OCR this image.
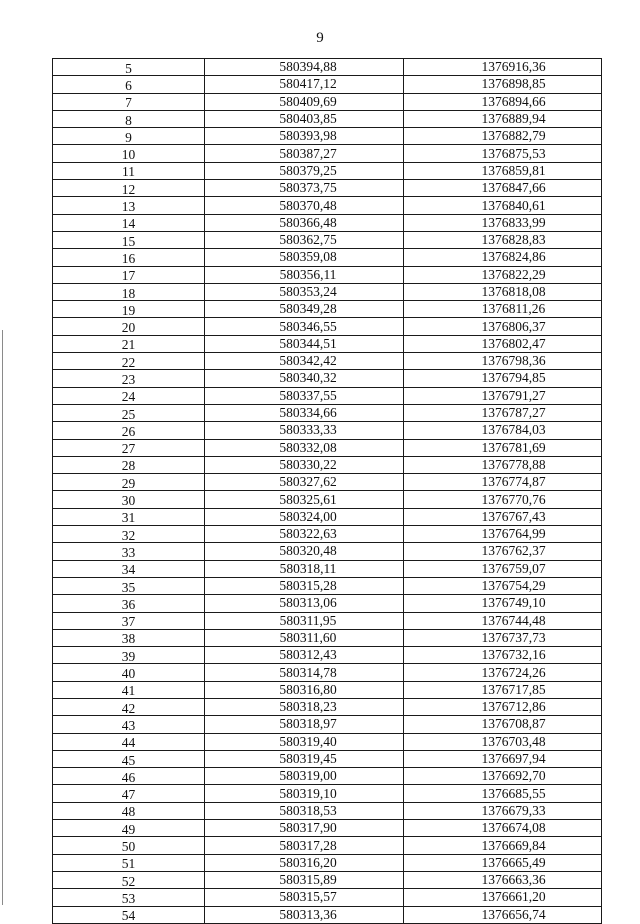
9
5	580394,88	1376916,36
6	580417,12	1376898,85
7	580409,69	1376894,66
8	580403,85	1376889,94
9	580393,98	1376882,79
10	580387,27	1376875,53
11	580379,25	1376859,81
12	580373,75	1376847,66
13	580370,48	1376840,61
14	580366,48	1376833,99
15	580362,75	1376828,83
16	580359,08	1376824,86
17	580356,11	1376822,29
18	580353,24	1376818,08
19	580349,28	1376811,26
20	580346,55	1376806,37
21	580344,51	1376802,47
22	580342,42	1376798,36
23	580340,32	1376794,85
24	580337,55	1376791,27
25	580334,66	1376787,27
26	580333,33	1376784,03
27	580332,08	1376781,69
28	580330,22	1376778,88
29	580327,62	1376774,87
30	580325,61	1376770,76
31	580324,00	1376767,43
32	580322,63	1376764,99
33	580320,48	1376762,37
34	580318,11	1376759,07
35	580315,28	1376754,29
36	580313,06	1376749,10
37	580311,95	1376744,48
38	580311,60	1376737,73
39	580312,43	1376732,16
40	580314,78	1376724,26
41	580316,80	1376717,85
42	580318,23	1376712,86
43	580318,97	1376708,87
44	580319,40	1376703,48
45	580319,45	1376697,94
46	580319,00	1376692,70
47	580319,10	1376685,55
48	580318,53	1376679,33
49	580317,90	1376674,08
50	580317,28	1376669,84
51	580316,20	1376665,49
52	580315,89	1376663,36
53	580315,57	1376661,20
54	580313,36	1376656,74
